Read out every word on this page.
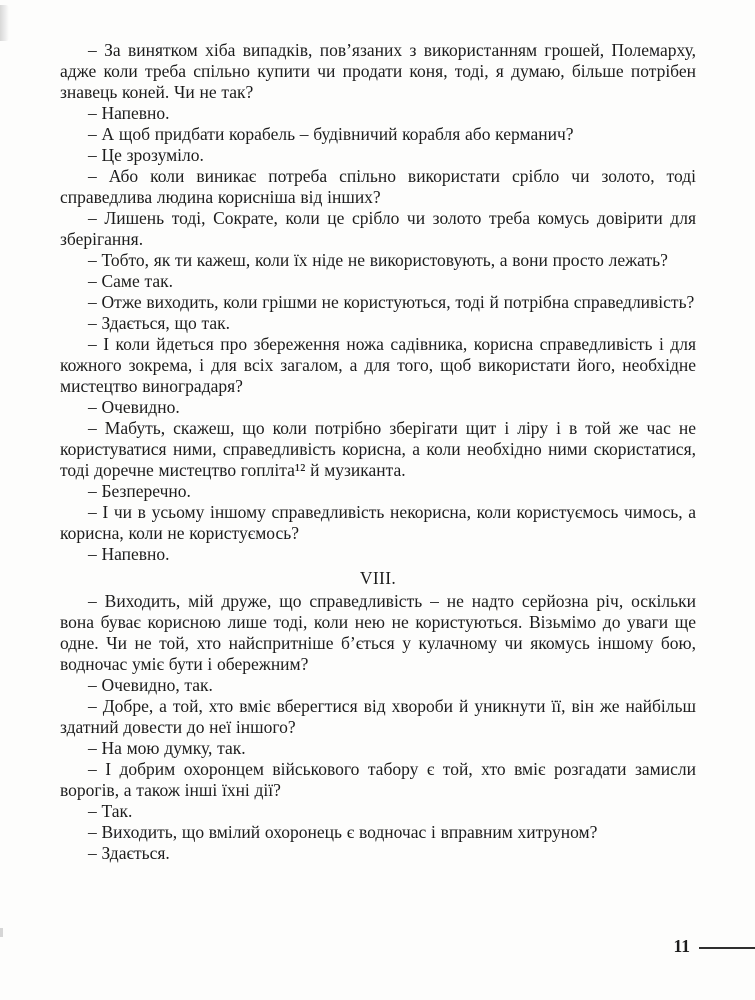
– За винятком хіба випадків, пов’язаних з використанням грошей, Полемарху, адже коли треба спільно купити чи продати коня, тоді, я думаю, більше потрібен знавець коней. Чи не так?

– Напевно.

– А щоб придбати корабель – будівничий корабля або керманич?

– Це зрозуміло.

– Або коли виникає потреба спільно використати срібло чи золото, тоді справедлива людина корисніша від інших?

– Лишень тоді, Сократе, коли це срібло чи золото треба комусь довірити для зберігання.

– Тобто, як ти кажеш, коли їх ніде не використовують, а вони просто лежать?

– Саме так.

– Отже виходить, коли грішми не користуються, тоді й потрібна справедливість?

– Здається, що так.

– І коли йдеться про збереження ножа садівника, корисна справедливість і для кожного зокрема, і для всіх загалом, а для того, щоб використати його, необхідне мистецтво виноградаря?

– Очевидно.

– Мабуть, скажеш, що коли потрібно зберігати щит і ліру і в той же час не користуватися ними, справедливість корисна, а коли необхідно ними скористатися, тоді доречне мистецтво гопліта¹² й музиканта.

– Безперечно.

– І чи в усьому іншому справедливість некорисна, коли користуємось чимось, а корисна, коли не користуємось?

– Напевно.

VIII.

– Виходить, мій друже, що справедливість – не надто серйозна річ, оскільки вона буває корисною лише тоді, коли нею не користуються. Візьмімо до уваги ще одне. Чи не той, хто найспритніше б’ється у кулачному чи якомусь іншому бою, водночас уміє бути і обережним?

– Очевидно, так.

– Добре, а той, хто вміє вберегтися від хвороби й уникнути її, він же найбільш здатний довести до неї іншого?

– На мою думку, так.

– І добрим охоронцем військового табору є той, хто вміє розгадати замисли ворогів, а також інші їхні дії?

– Так.

– Виходить, що вмілий охоронець є водночас і вправним хитруном?

– Здається.

11
